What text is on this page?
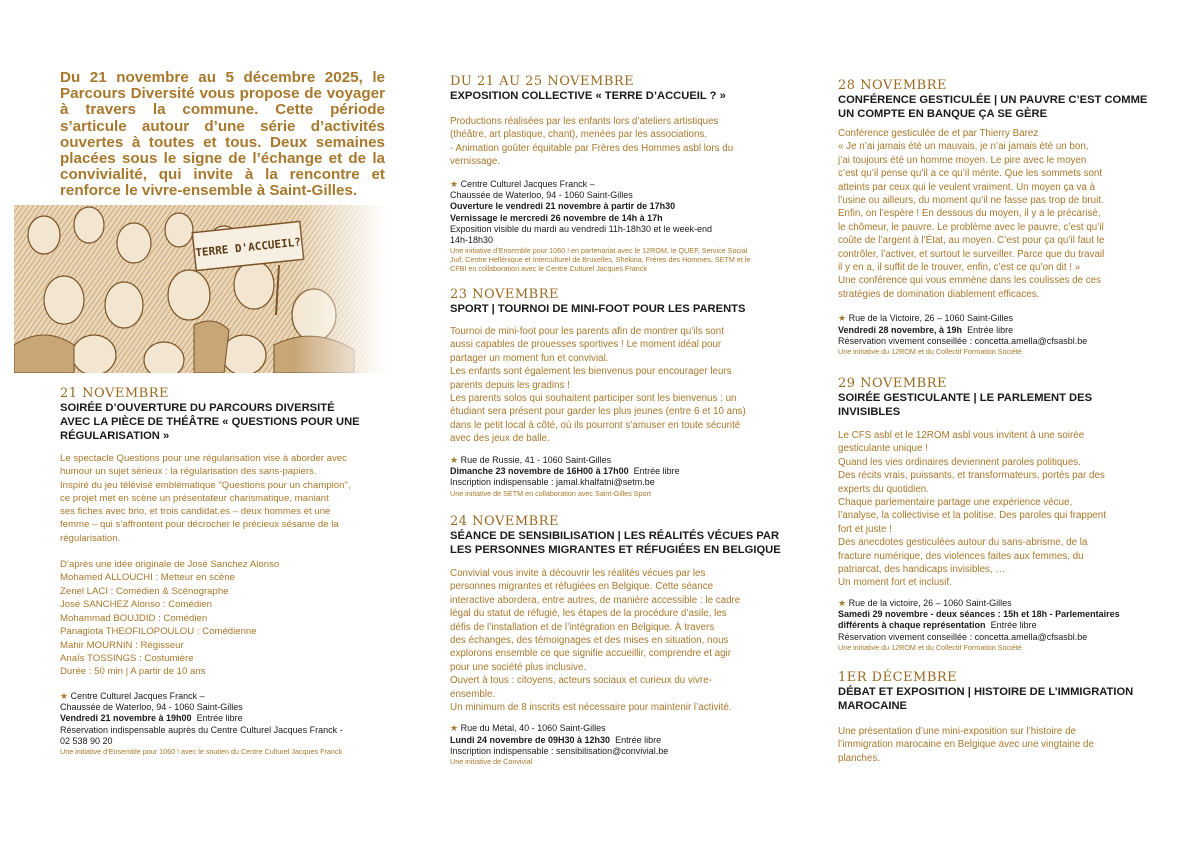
Du 21 novembre au 5 décembre 2025, le Parcours Diversité vous propose de voyager à travers la commune. Cette période s’articule autour d’une série d’activités ouvertes à toutes et tous. Deux semaines placées sous le signe de l’échange et de la convivialité, qui invite à la rencontre et renforce le vivre-ensemble à Saint-Gilles.
21 NOVEMBRE
SOIRÉE D’OUVERTURE DU PARCOURS DIVERSITÉ
AVEC LA PIÈCE DE THÉÂTRE « QUESTIONS POUR UNE
RÉGULARISATION »
Le spectacle Questions pour une régularisation vise à aborder avec
humour un sujet sérieux : la régularisation des sans-papiers.
Inspiré du jeu télévisé emblématique "Questions pour un champion",
ce projet met en scène un présentateur charismatique, maniant
ses fiches avec brio, et trois candidat.es – deux hommes et une
femme – qui s’affrontent pour décrocher le précieux sésame de la
régularisation.
D’après une idée originale de José Sanchez Alonso
Mohamed ALLOUCHI : Metteur en scène
Zenel LACI : Comédien & Scénographe
José SANCHEZ Alonso : Comédien
Mohammad BOUJDID : Comédien
Panagiota THEOFILOPOULOU : Comédienne
Mahir MOURNIN : Régisseur
Anaïs TOSSINGS : Costumière
Durée : 50 min | A partir de 10 ans
★ Centre Culturel Jacques Franck –
Chaussée de Waterloo, 94 - 1060 Saint-Gilles
Vendredi 21 novembre à 19h00 Entrée libre
Réservation indispensable auprès du Centre Culturel Jacques Franck -
02 538 90 20
Une initiative d’Ensemble pour 1060 ! avec le soutien du Centre Culturel Jacques Franck
DU 21 AU 25 NOVEMBRE
EXPOSITION COLLECTIVE « TERRE D’ACCUEIL ? »
Productions réalisées par les enfants lors d’ateliers artistiques
(théâtre, art plastique, chant), menées par les associations.
- Animation goûter équitable par Frères des Hommes asbl lors du
vernissage.
★ Centre Culturel Jacques Franck –
Chaussée de Waterloo, 94 - 1060 Saint-Gilles
Ouverture le vendredi 21 novembre à partir de 17h30
Vernissage le mercredi 26 novembre de 14h à 17h
Exposition visible du mardi au vendredi 11h-18h30 et le week-end
14h-18h30
Une initiative d’Ensemble pour 1060 ! en partenariat avec le 12ROM, le QUEF, Service Social
Juif, Centre Hellénique et Interculturel de Bruxelles, Shekina, Frères des Hommes, SETM et le
CFBI en collaboration avec le Centre Culturel Jacques Franck
23 NOVEMBRE
SPORT | TOURNOI DE MINI-FOOT POUR LES PARENTS
Tournoi de mini-foot pour les parents afin de montrer qu’ils sont
aussi capables de prouesses sportives ! Le moment idéal pour
partager un moment fun et convivial.
Les enfants sont également les bienvenus pour encourager leurs
parents depuis les gradins !
Les parents solos qui souhaitent participer sont les bienvenus : un
étudiant sera présent pour garder les plus jeunes (entre 6 et 10 ans)
dans le petit local à côté, où ils pourront s’amuser en toute sécurité
avec des jeux de balle.
★ Rue de Russie, 41 - 1060 Saint-Gilles
Dimanche 23 novembre de 16H00 à 17h00 Entrée libre
Inscription indispensable : jamal.khalfatni@setm.be
Une initiative de SETM en collaboration avec Saint-Gilles Sport
24 NOVEMBRE
SÉANCE DE SENSIBILISATION | LES RÉALITÉS VÉCUES PAR
LES PERSONNES MIGRANTES ET RÉFUGIÉES EN BELGIQUE
Convivial vous invite à découvrir les réalités vécues par les
personnes migrantes et réfugiées en Belgique. Cette séance
interactive abordera, entre autres, de manière accessible : le cadre
légal du statut de réfugié, les étapes de la procédure d’asile, les
défis de l’installation et de l’intégration en Belgique. À travers
des échanges, des témoignages et des mises en situation, nous
explorons ensemble ce que signifie accueillir, comprendre et agir
pour une société plus inclusive.
Ouvert à tous : citoyens, acteurs sociaux et curieux du vivre-
ensemble.
Un minimum de 8 inscrits est nécessaire pour maintenir l’activité.
★ Rue du Métal, 40 - 1060 Saint-Gilles
Lundi 24 novembre de 09H30 à 12h30 Entrée libre
Inscription indispensable : sensibilisation@convivial.be
Une initiative de Convivial
28 NOVEMBRE
CONFÉRENCE GESTICULÉE | UN PAUVRE C’EST COMME
UN COMPTE EN BANQUE ÇA SE GÈRE
Conférence gesticulée de et par Thierry Barez
« Je n’ai jamais été un mauvais, je n’ai jamais été un bon,
j’ai toujours été un homme moyen. Le pire avec le moyen
c’est qu’il pense qu’il a ce qu’il mérite. Que les sommets sont
atteints par ceux qui le veulent vraiment. Un moyen ça va à
l’usine ou ailleurs, du moment qu’il ne fasse pas trop de bruit.
Enfin, on l’espère ! En dessous du moyen, il y a le précarisé,
le chômeur, le pauvre. Le problème avec le pauvre, c’est qu’il
coûte de l’argent à l’État, au moyen. C’est pour ça qu’il faut le
contrôler, l’activer, et surtout le surveiller. Parce que du travail
il y en a, il suffit de le trouver, enfin, c’est ce qu’on dit ! »
Une conférence qui vous emmène dans les coulisses de ces
stratégies de domination diablement efficaces.
★ Rue de la Victoire, 26 – 1060 Saint-Gilles
Vendredi 28 novembre, à 19h Entrée libre
Réservation vivement conseillée : concetta.amella@cfsasbl.be
Une initiative du 12ROM et du Collectif Formation Société
29 NOVEMBRE
SOIRÉE GESTICULANTE | LE PARLEMENT DES
INVISIBLES
Le CFS asbl et le 12ROM asbl vous invitent à une soirée
gesticulante unique !
Quand les vies ordinaires deviennent paroles politiques.
Des récits vrais, puissants, et transformateurs, portés par des
experts du quotidien.
Chaque parlementaire partage une expérience vécue,
l’analyse, la collectivise et la politise. Des paroles qui frappent
fort et juste !
Des anecdotes gesticulées autour du sans-abrisme, de la
fracture numérique, des violences faites aux femmes, du
patriarcat, des handicaps invisibles, …
Un moment fort et inclusif.
★ Rue de la victoire, 26 – 1060 Saint-Gilles
Samedi 29 novembre - deux séances : 15h et 18h - Parlementaires
différents à chaque représentation Entrée libre
Réservation vivement conseillée : concetta.amella@cfsasbl.be
Une initiative du 12ROM et du Collectif Formation Société
1ER DÉCEMBRE
DÉBAT ET EXPOSITION | HISTOIRE DE L’IMMIGRATION
MAROCAINE
Une présentation d’une mini-exposition sur l’histoire de
l’immigration marocaine en Belgique avec une vingtaine de
planches.
